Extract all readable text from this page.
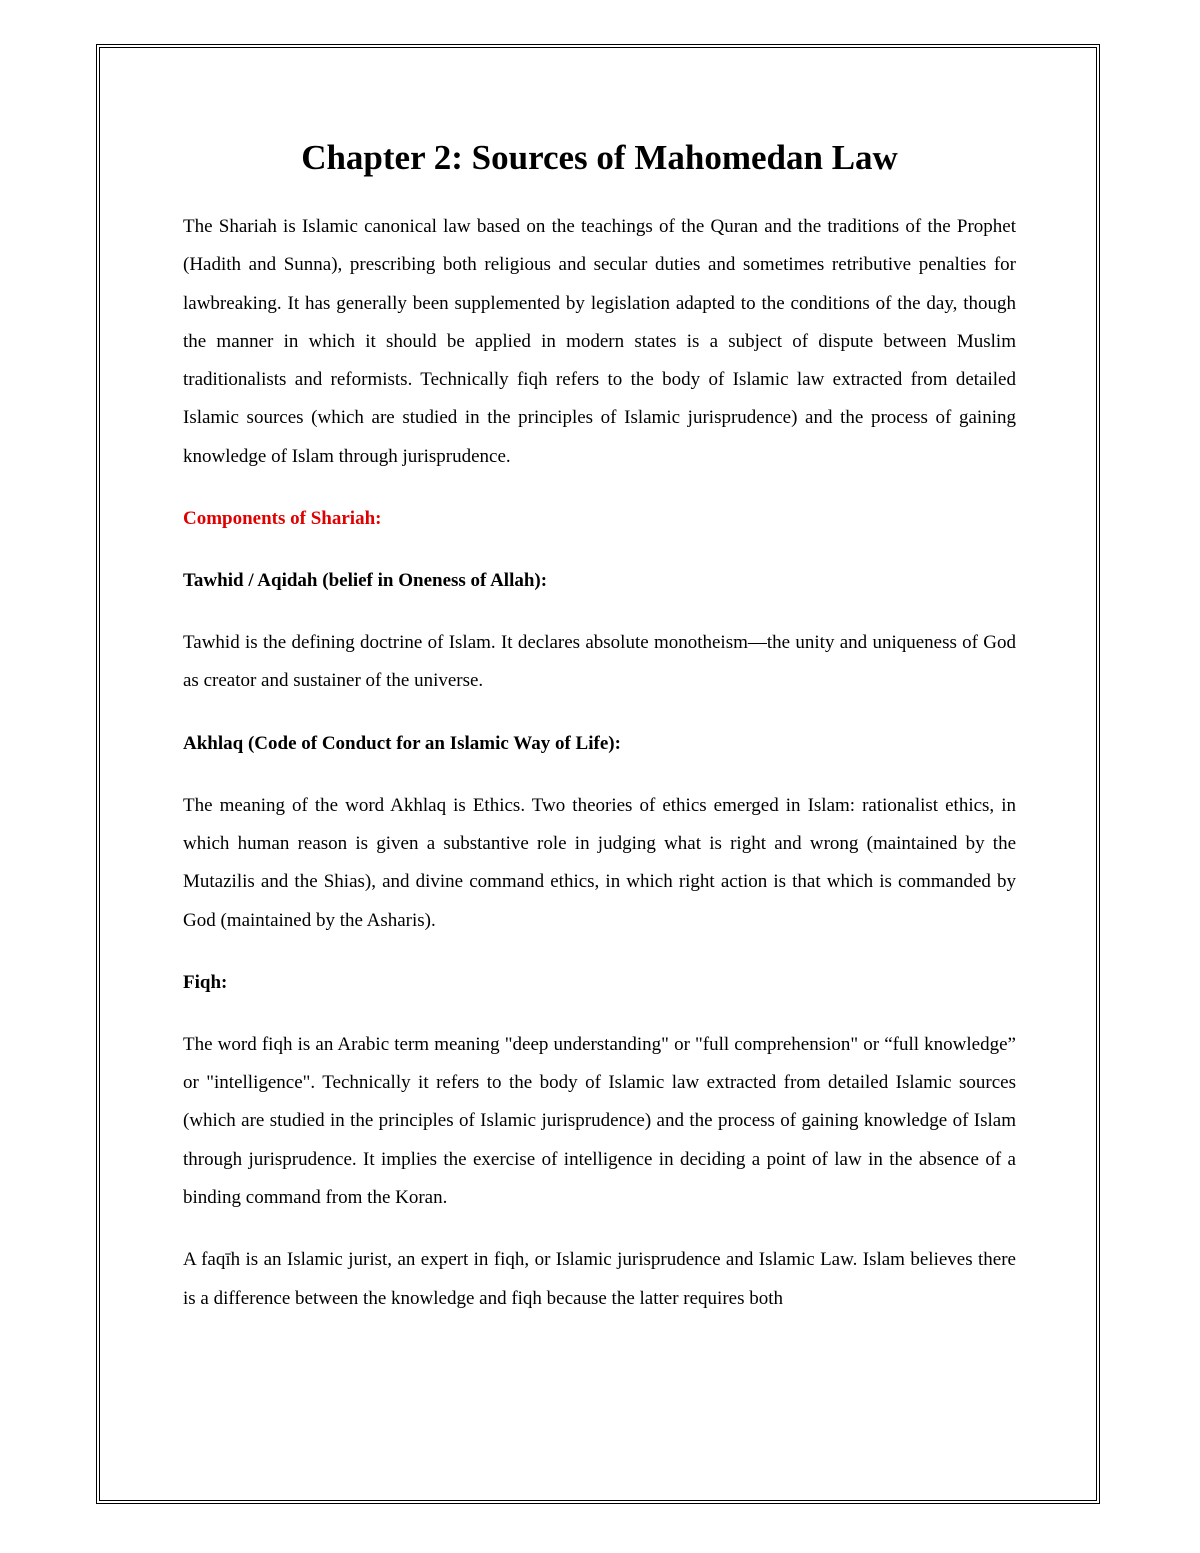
Chapter 2: Sources of Mahomedan Law

The Shariah is Islamic canonical law based on the teachings of the Quran and the traditions of the Prophet (Hadith and Sunna), prescribing both religious and secular duties and sometimes retributive penalties for lawbreaking. It has generally been supplemented by legislation adapted to the conditions of the day, though the manner in which it should be applied in modern states is a subject of dispute between Muslim traditionalists and reformists. Technically fiqh refers to the body of Islamic law extracted from detailed Islamic sources (which are studied in the principles of Islamic jurisprudence) and the process of gaining knowledge of Islam through jurisprudence.

Components of Shariah:
Tawhid / Aqidah (belief in Oneness of Allah):

Tawhid is the defining doctrine of Islam. It declares absolute monotheism—the unity and uniqueness of God as creator and sustainer of the universe.

Akhlaq (Code of Conduct for an Islamic Way of Life):

The meaning of the word Akhlaq is Ethics. Two theories of ethics emerged in Islam: rationalist ethics, in which human reason is given a substantive role in judging what is right and wrong (maintained by the Mutazilis and the Shias), and divine command ethics, in which right action is that which is commanded by God (maintained by the Asharis).

Fiqh:

The word fiqh is an Arabic term meaning "deep understanding" or "full comprehension" or “full knowledge” or "intelligence". Technically it refers to the body of Islamic law extracted from detailed Islamic sources (which are studied in the principles of Islamic jurisprudence) and the process of gaining knowledge of Islam through jurisprudence. It implies the exercise of intelligence in deciding a point of law in the absence of a binding command from the Koran.

A faqīh is an Islamic jurist, an expert in fiqh, or Islamic jurisprudence and Islamic Law. Islam believes there is a difference between the knowledge and fiqh because the latter requires both
